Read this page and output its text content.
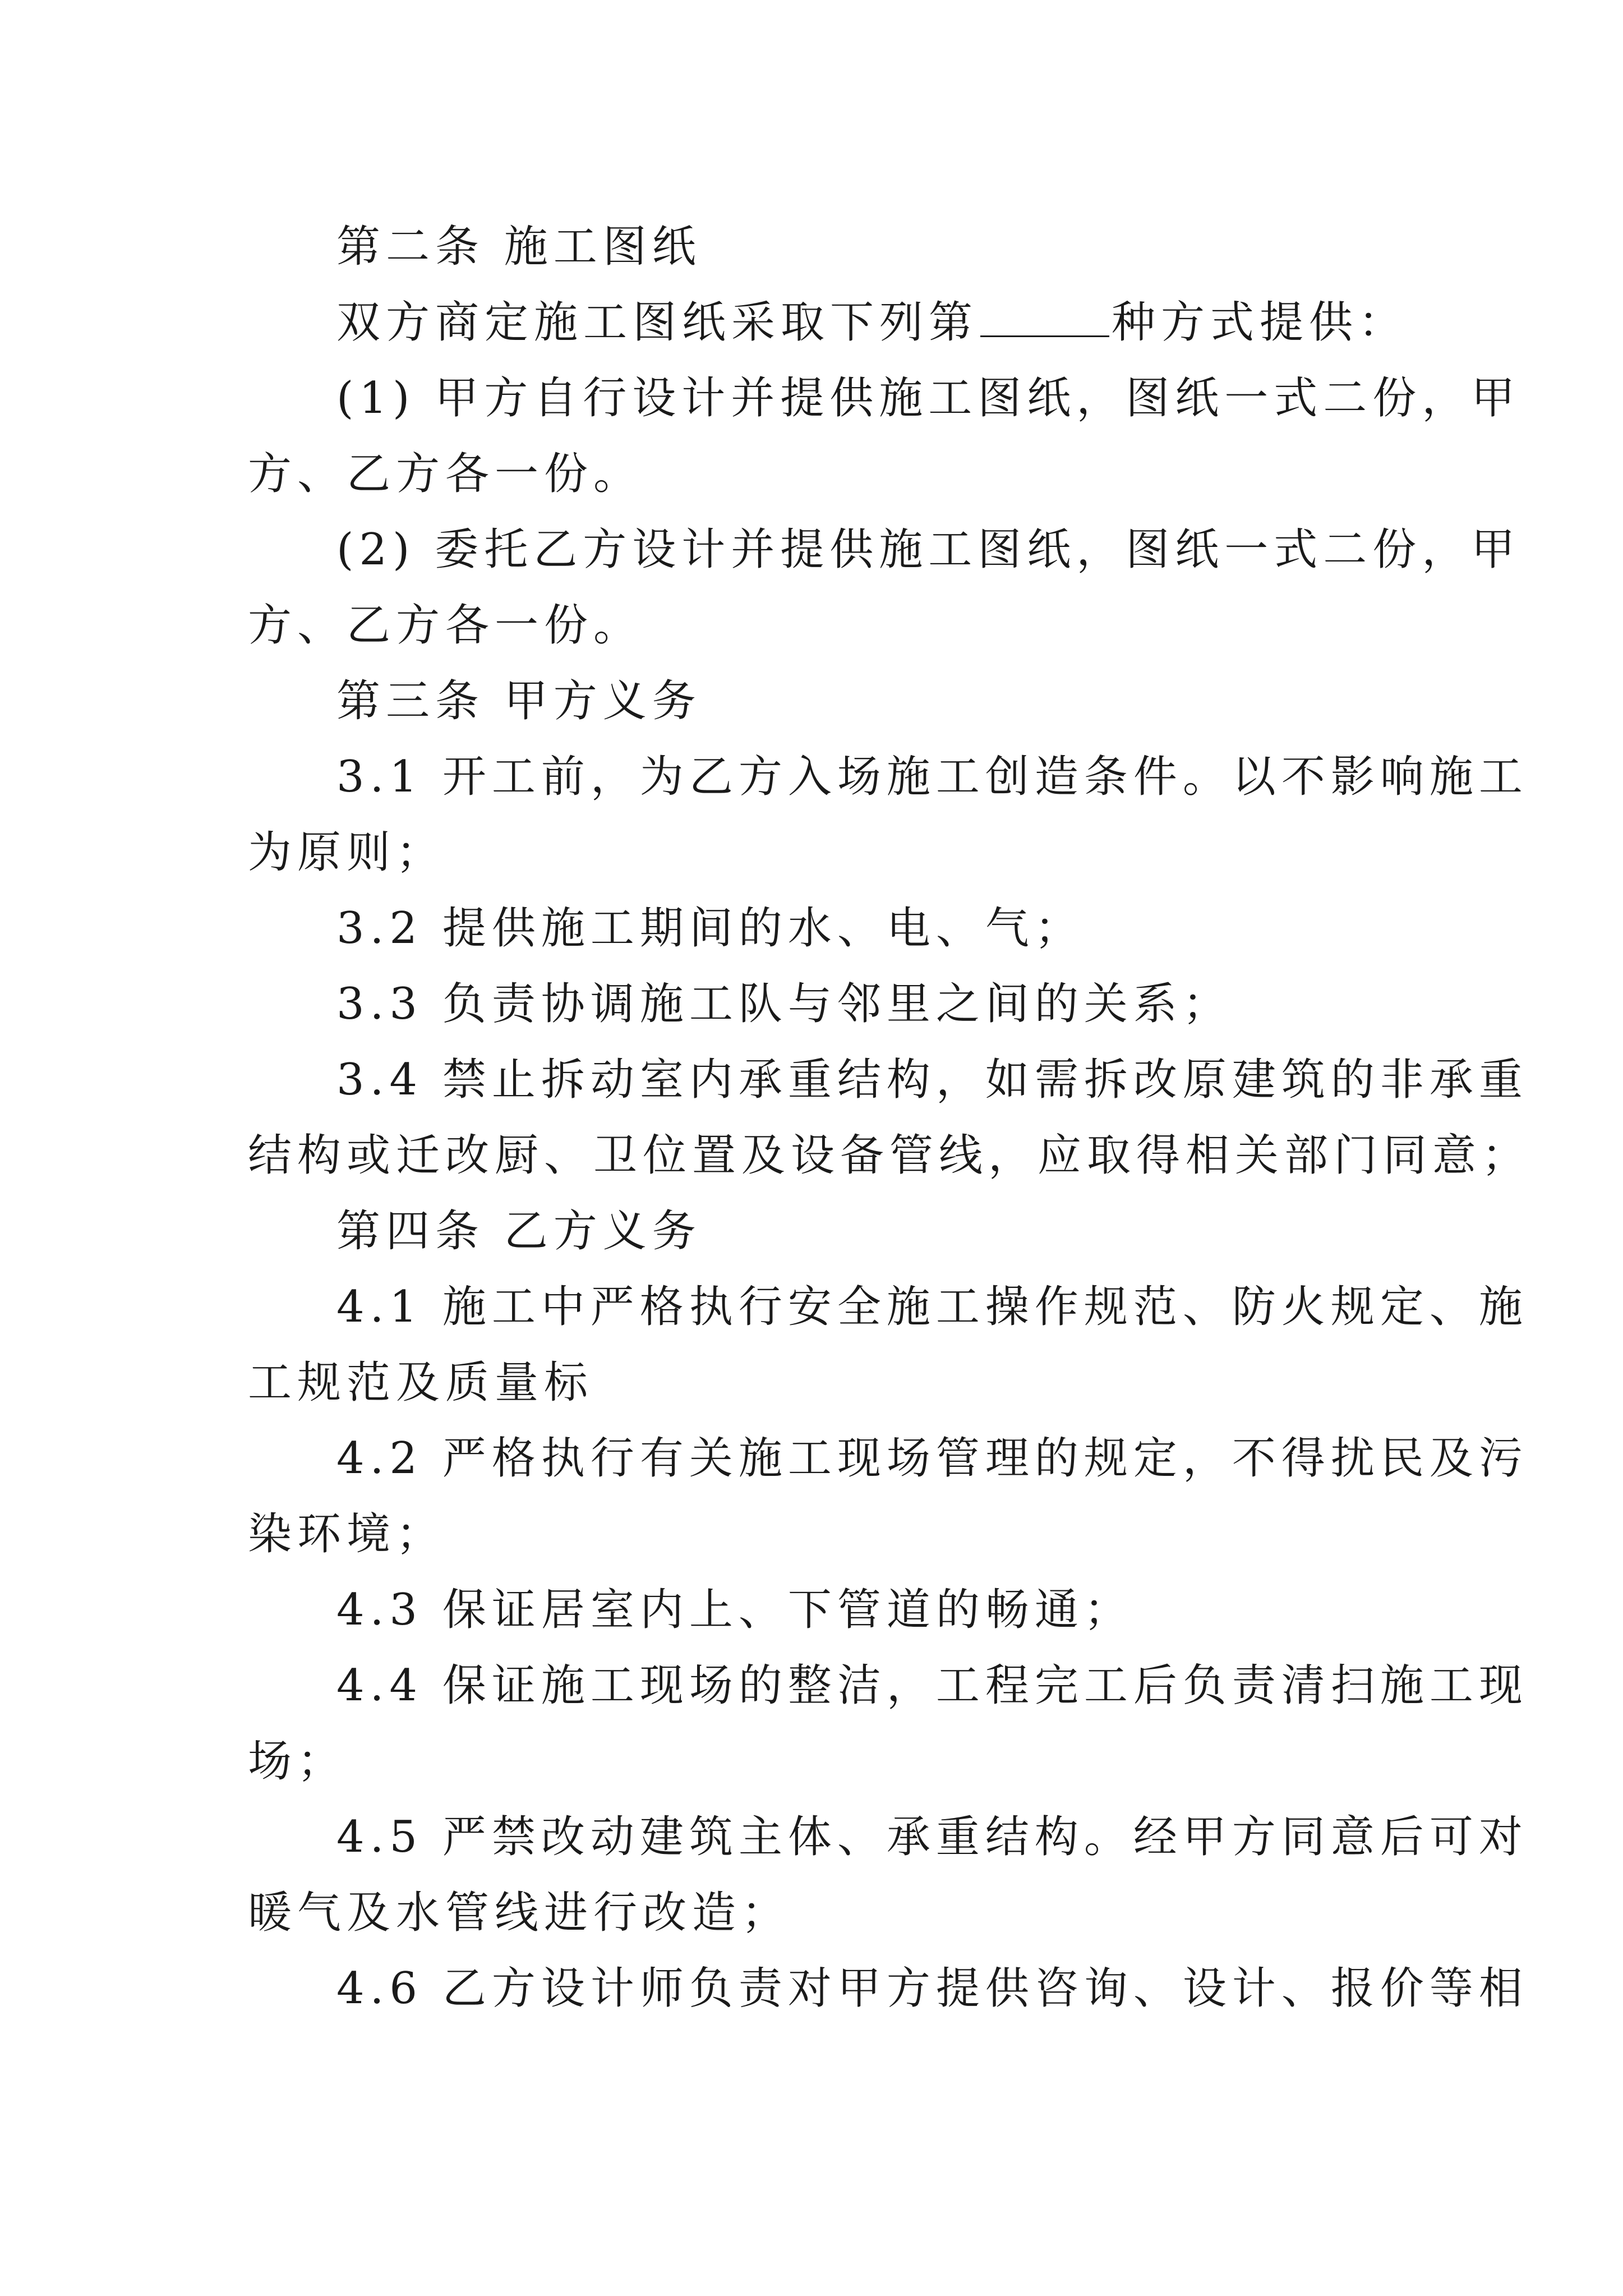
第二条 施工图纸
双方商定施工图纸采取下列第	种方式提供：
(1) 甲方自行设计并提供施工图纸，图纸一式二份，甲
方、乙方各一份。
(2) 委托乙方设计并提供施工图纸，图纸一式二份，甲
方、乙方各一份。
第三条 甲方义务
3.1 开工前，为乙方入场施工创造条件。以不影响施工
为原则；
3.2 提供施工期间的水、电、气；
3.3 负责协调施工队与邻里之间的关系；
3.4 禁止拆动室内承重结构，如需拆改原建筑的非承重
结构或迁改厨、卫位置及设备管线，应取得相关部门同意；
第四条 乙方义务
4.1 施工中严格执行安全施工操作规范、防火规定、施
工规范及质量标
4.2 严格执行有关施工现场管理的规定，不得扰民及污
染环境；
4.3 保证居室内上、下管道的畅通；
4.4 保证施工现场的整洁，工程完工后负责清扫施工现
场；
4.5 严禁改动建筑主体、承重结构。经甲方同意后可对
暖气及水管线进行改造；
4.6 乙方设计师负责对甲方提供咨询、设计、报价等相
